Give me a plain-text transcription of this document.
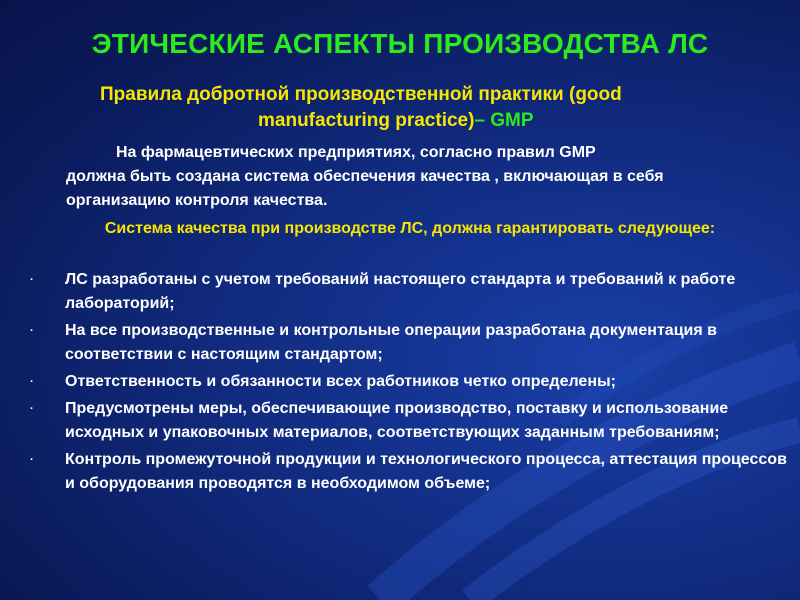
ЭТИЧЕСКИЕ АСПЕКТЫ ПРОИЗВОДСТВА ЛС
Правила добротной производственной практики (good
manufacturing practice)– GMP
На фармацевтических предприятиях, согласно правил GMP
должна быть создана система обеспечения качества , включающая в себя организацию контроля качества.
Система качества при производстве ЛС, должна гарантировать следующее:
· ЛС разработаны с учетом требований настоящего стандарта и требований к работе лабораторий;
· На все производственные и контрольные операции разработана документация в соответствии с настоящим стандартом;
· Ответственность и обязанности всех работников четко определены;
· Предусмотрены меры, обеспечивающие производство, поставку и использование исходных и упаковочных материалов, соответствующих заданным требованиям;
· Контроль промежуточной продукции и технологического процесса, аттестация процессов и оборудования проводятся в необходимом объеме;
